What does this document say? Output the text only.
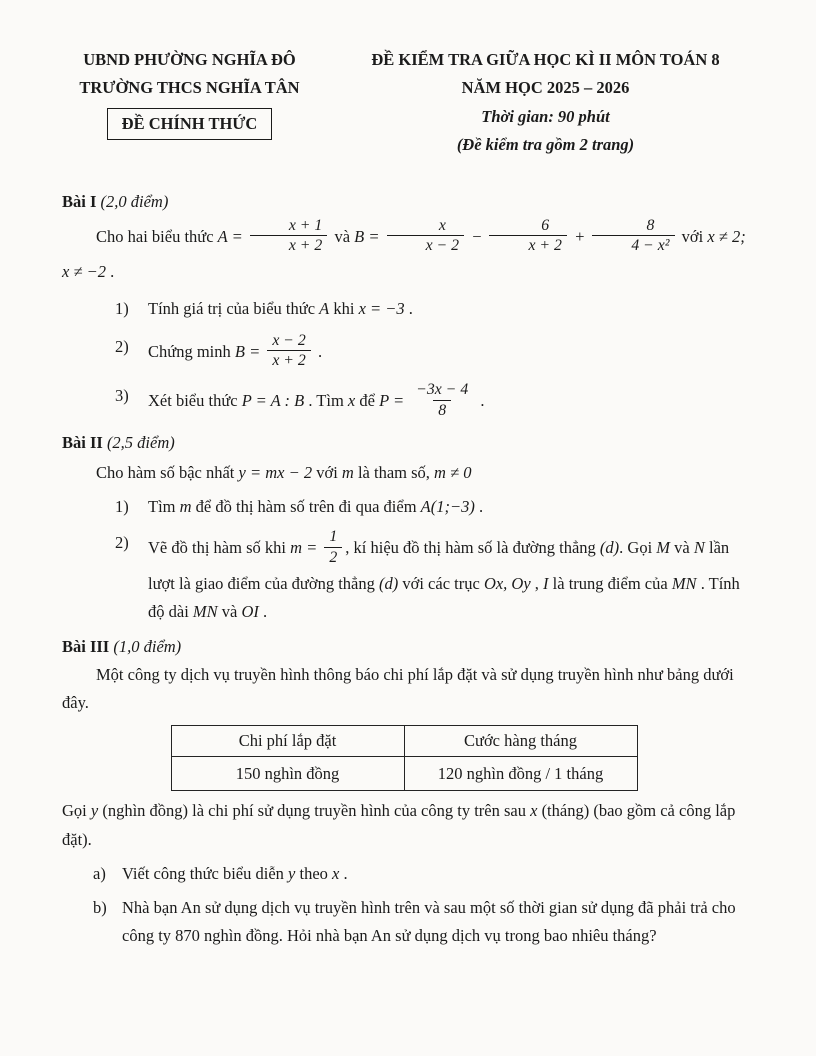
UBND PHƯỜNG NGHĨA ĐÔ
TRƯỜNG THCS NGHĨA TÂN
ĐỀ CHÍNH THỨC
ĐỀ KIỂM TRA GIỮA HỌC KÌ II MÔN TOÁN 8
NĂM HỌC 2025 – 2026
Thời gian: 90 phút
(Đề kiểm tra gồm 2 trang)
Bài I (2,0 điểm)
Cho hai biểu thức $A = \frac{x + 1}{x + 2}$ và $B = \frac{x}{x - 2} - \frac{6}{x + 2} + \frac{8}{\text{4 − x²}}$ với x ≠ 2; x ≠ −2 .
1)	Tính giá trị của biểu thức A khi x = −3 .
2)	Chứng minh $B = \frac{x - 2}{x + 2}$ .
3)	Xét biểu thức P = A : B . Tìm x để $P = \frac{-3x - 4}{8}$ .
Bài II (2,5 điểm)
Cho hàm số bậc nhất y = mx − 2 với m là tham số, m ≠ 0
1)	Tìm m để đồ thị hàm số trên đi qua điểm A(1;−3) .
2)	Vẽ đồ thị hàm số khi $m = \frac{1}{2}$ , kí hiệu đồ thị hàm số là đường thẳng (d). Gọi M và N lần lượt là giao điểm của đường thẳng (d) với các trục Ox, Oy , I là trung điểm của MN . Tính độ dài MN và OI .
Bài III (1,0 điểm)
Một công ty dịch vụ truyền hình thông báo chi phí lắp đặt và sử dụng truyền hình như bảng dưới đây.
Chi phí lắp đặt	Cước hàng tháng
150 nghìn đồng	120 nghìn đồng / 1 tháng
Gọi y (nghìn đồng) là chi phí sử dụng truyền hình của công ty trên sau x (tháng) (bao gồm cả công lắp đặt).
a) Viết công thức biểu diễn y theo x .
b) Nhà bạn An sử dụng dịch vụ truyền hình trên và sau một số thời gian sử dụng đã phải trả cho công ty 870 nghìn đồng. Hỏi nhà bạn An sử dụng dịch vụ trong bao nhiêu tháng?
